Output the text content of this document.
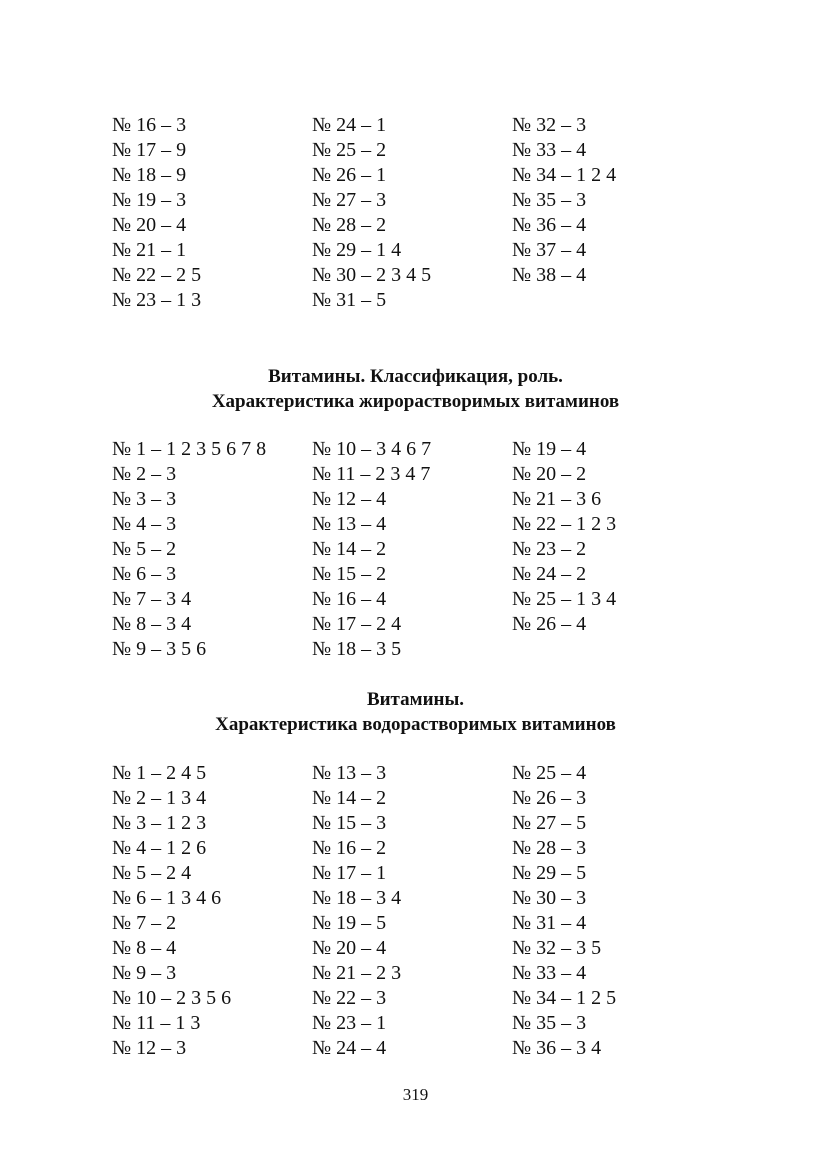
№ 16 – 3
№ 17 – 9
№ 18 – 9
№ 19 – 3
№ 20 – 4
№ 21 – 1
№ 22 – 2 5
№ 23 – 1 3
№ 24 – 1
№ 25 – 2
№ 26 – 1
№ 27 – 3
№ 28 – 2
№ 29 – 1 4
№ 30 – 2 3 4 5
№ 31 – 5
№ 32 – 3
№ 33 – 4
№ 34 – 1 2 4
№ 35 – 3
№ 36 – 4
№ 37 – 4
№ 38 – 4
Витамины. Классификация, роль.
Характеристика жирорастворимых витаминов
№ 1 – 1 2 3 5 6 7 8
№ 2 – 3
№ 3 – 3
№ 4 – 3
№ 5 – 2
№ 6 – 3
№ 7 – 3 4
№ 8 – 3 4
№ 9 – 3 5 6
№ 10 – 3 4 6 7
№ 11 – 2 3 4 7
№ 12 – 4
№ 13 – 4
№ 14 – 2
№ 15 – 2
№ 16 – 4
№ 17 – 2 4
№ 18 – 3 5
№ 19 – 4
№ 20 – 2
№ 21 – 3 6
№ 22 – 1 2 3
№ 23 – 2
№ 24 – 2
№ 25 – 1 3 4
№ 26 – 4
Витамины.
Характеристика водорастворимых витаминов
№ 1 – 2 4 5
№ 2 – 1 3 4
№ 3 – 1 2 3
№ 4 – 1 2 6
№ 5 – 2 4
№ 6 – 1 3 4 6
№ 7 – 2
№ 8 – 4
№ 9 – 3
№ 10 – 2 3 5 6
№ 11 – 1 3
№ 12 – 3
№ 13 – 3
№ 14 – 2
№ 15 – 3
№ 16 – 2
№ 17 – 1
№ 18 – 3 4
№ 19 – 5
№ 20 – 4
№ 21 – 2 3
№ 22 – 3
№ 23 – 1
№ 24 – 4
№ 25 – 4
№ 26 – 3
№ 27 – 5
№ 28 – 3
№ 29 – 5
№ 30 – 3
№ 31 – 4
№ 32 – 3 5
№ 33 – 4
№ 34 – 1 2 5
№ 35 – 3
№ 36 – 3 4
319
